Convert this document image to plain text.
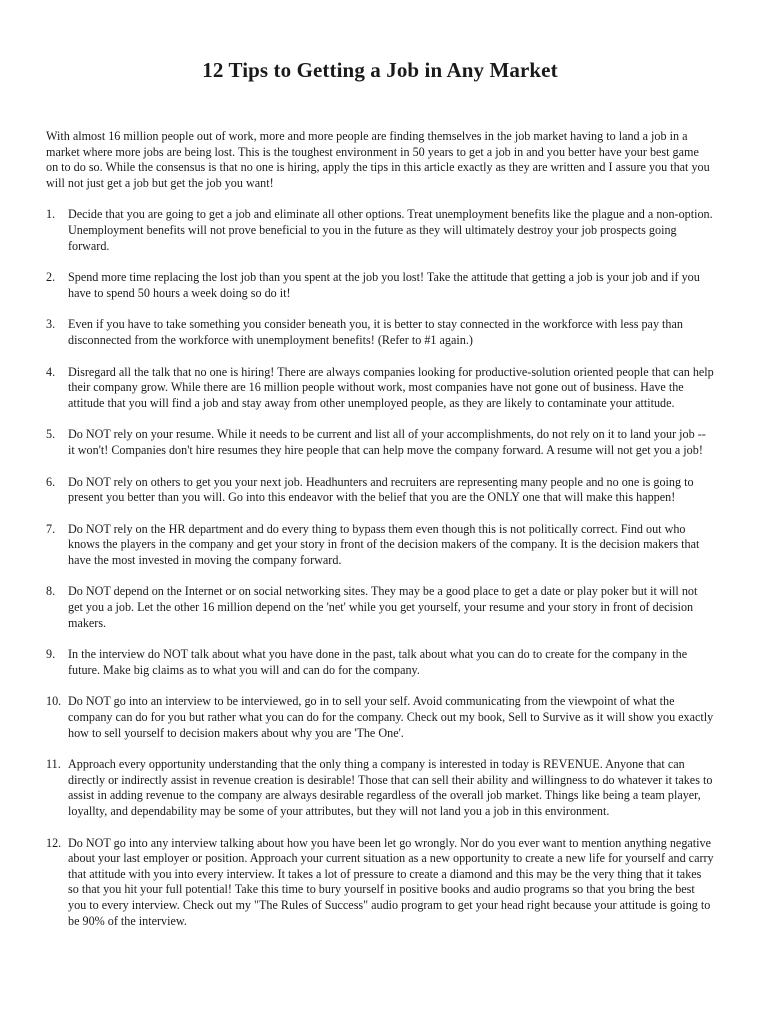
12 Tips to Getting a Job in Any Market

With almost 16 million people out of work, more and more people are finding themselves in the job market having to land a job in a market where more jobs are being lost. This is the toughest environment in 50 years to get a job in and you better have your best game on to do so. While the consensus is that no one is hiring, apply the tips in this article exactly as they are written and I assure you that you will not just get a job but get the job you want!

1.	Decide that you are going to get a job and eliminate all other options. Treat unemployment benefits like the plague and a non-option. Unemployment benefits will not prove beneficial to you in the future as they will ultimately destroy your job prospects going forward.
2.	Spend more time replacing the lost job than you spent at the job you lost! Take the attitude that getting a job is your job and if you have to spend 50 hours a week doing so do it!
3.	Even if you have to take something you consider beneath you, it is better to stay connected in the workforce with less pay than disconnected from the workforce with unemployment benefits! (Refer to #1 again.)
4.	Disregard all the talk that no one is hiring! There are always companies looking for productive-solution oriented people that can help their company grow. While there are 16 million people without work, most companies have not gone out of business. Have the attitude that you will find a job and stay away from other unemployed people, as they are likely to contaminate your attitude.
5.	Do NOT rely on your resume. While it needs to be current and list all of your accomplishments, do not rely on it to land your job -- it won't! Companies don't hire resumes they hire people that can help move the company forward. A resume will not get you a job!
6.	Do NOT rely on others to get you your next job. Headhunters and recruiters are representing many people and no one is going to present you better than you will. Go into this endeavor with the belief that you are the ONLY one that will make this happen!
7.	Do NOT rely on the HR department and do every thing to bypass them even though this is not politically correct. Find out who knows the players in the company and get your story in front of the decision makers of the company. It is the decision makers that have the most invested in moving the company forward.
8.	Do NOT depend on the Internet or on social networking sites. They may be a good place to get a date or play poker but it will not get you a job. Let the other 16 million depend on the 'net' while you get yourself, your resume and your story in front of decision makers.
9.	In the interview do NOT talk about what you have done in the past, talk about what you can do to create for the company in the future. Make big claims as to what you will and can do for the company.
10. Do NOT go into an interview to be interviewed, go in to sell your self. Avoid communicating from the viewpoint of what the company can do for you but rather what you can do for the company. Check out my book, Sell to Survive as it will show you exactly how to sell yourself to decision makers about why you are 'The One'.
11. Approach every opportunity understanding that the only thing a company is interested in today is REVENUE. Anyone that can directly or indirectly assist in revenue creation is desirable! Those that can sell their ability and willingness to do whatever it takes to assist in adding revenue to the company are always desirable regardless of the overall job market. Things like being a team player, loyallty, and dependability may be some of your attributes, but they will not land you a job in this environment.
12. Do NOT go into any interview talking about how you have been let go wrongly. Nor do you ever want to mention anything negative about your last employer or position. Approach your current situation as a new opportunity to create a new life for yourself and carry that attitude with you into every interview. It takes a lot of pressure to create a diamond and this may be the very thing that it takes so that you hit your full potential! Take this time to bury yourself in positive books and audio programs so that you bring the best you to every interview. Check out my "The Rules of Success" audio program to get your head right because your attitude is going to be 90% of the interview.
